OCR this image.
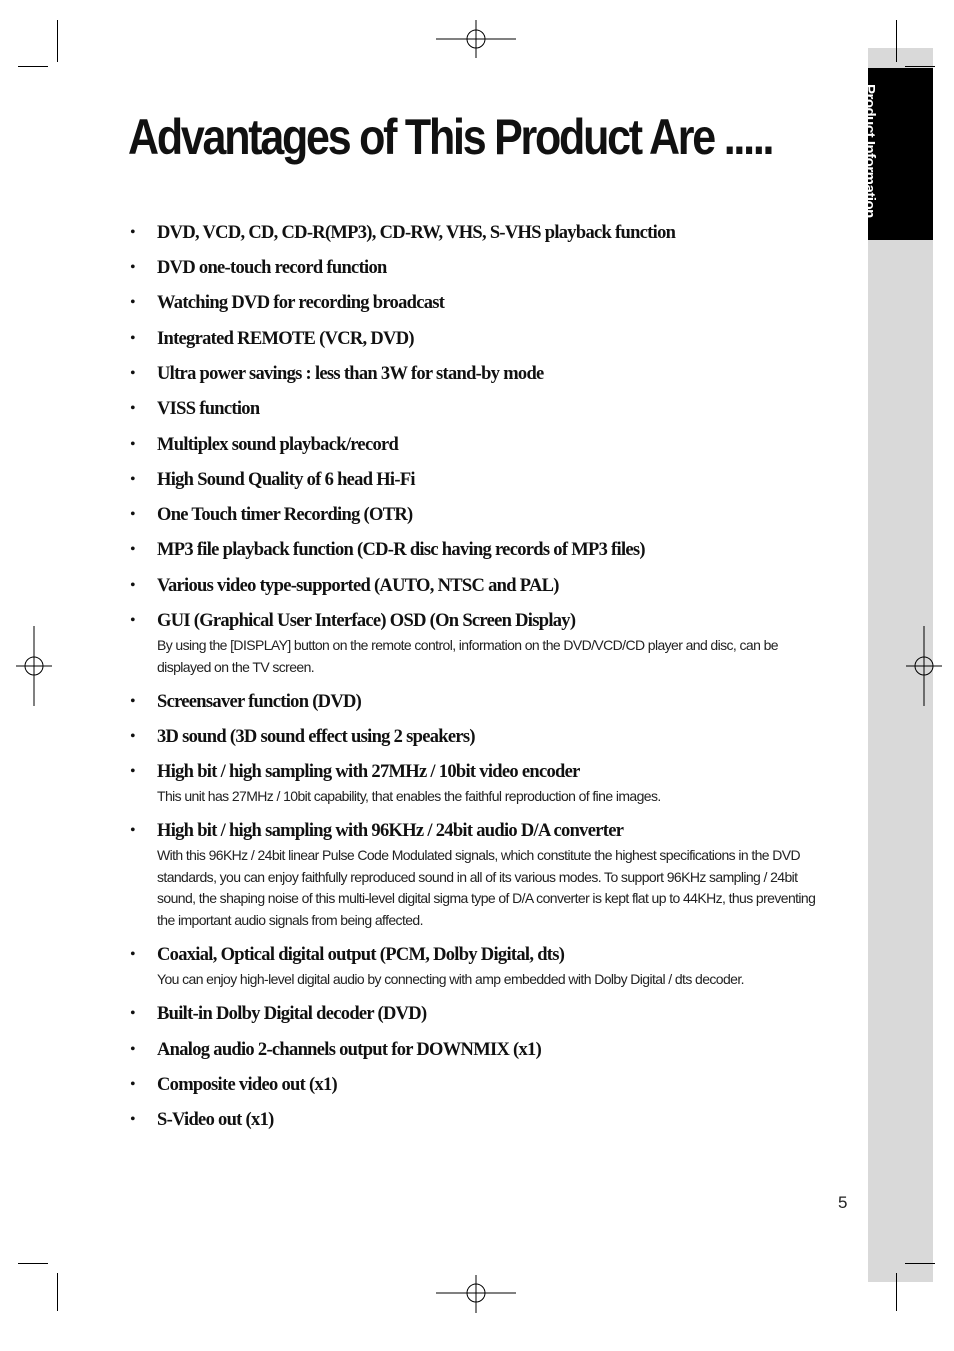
Product Information
Advantages of This Product Are .....
• DVD, VCD, CD, CD-R(MP3), CD-RW, VHS, S-VHS playback function
• DVD one-touch record function
• Watching DVD for recording broadcast
• Integrated REMOTE (VCR, DVD)
• Ultra power savings : less than 3W for stand-by mode
• VISS function
• Multiplex sound playback/record
• High Sound Quality of 6 head Hi-Fi
• One Touch timer Recording (OTR)
• MP3 file playback function (CD-R disc having records of MP3 files)
• Various video type-supported (AUTO, NTSC and PAL)
• GUI (Graphical User Interface) OSD (On Screen Display)
By using the [DISPLAY] button on the remote control, information on the DVD/VCD/CD player and disc, can be displayed on the TV screen.
• Screensaver function (DVD)
• 3D sound (3D sound effect using 2 speakers)
• High bit / high sampling with 27MHz / 10bit video encoder
This unit has 27MHz / 10bit capability, that enables the faithful reproduction of fine images.
• High bit / high sampling with 96KHz / 24bit audio D/A converter
With this 96KHz / 24bit linear Pulse Code Modulated signals, which constitute the highest specifications in the DVD standards, you can enjoy faithfully reproduced sound in all of its various modes. To support 96KHz sampling / 24bit sound, the shaping noise of this multi-level digital sigma type of D/A converter is kept flat up to 44KHz, thus preventing the important audio signals from being affected.
• Coaxial, Optical digital output (PCM, Dolby Digital, dts)
You can enjoy high-level digital audio by connecting with amp embedded with Dolby Digital / dts decoder.
• Built-in Dolby Digital decoder (DVD)
• Analog audio 2-channels output for DOWNMIX (x1)
• Composite video out (x1)
• S-Video out (x1)
5
